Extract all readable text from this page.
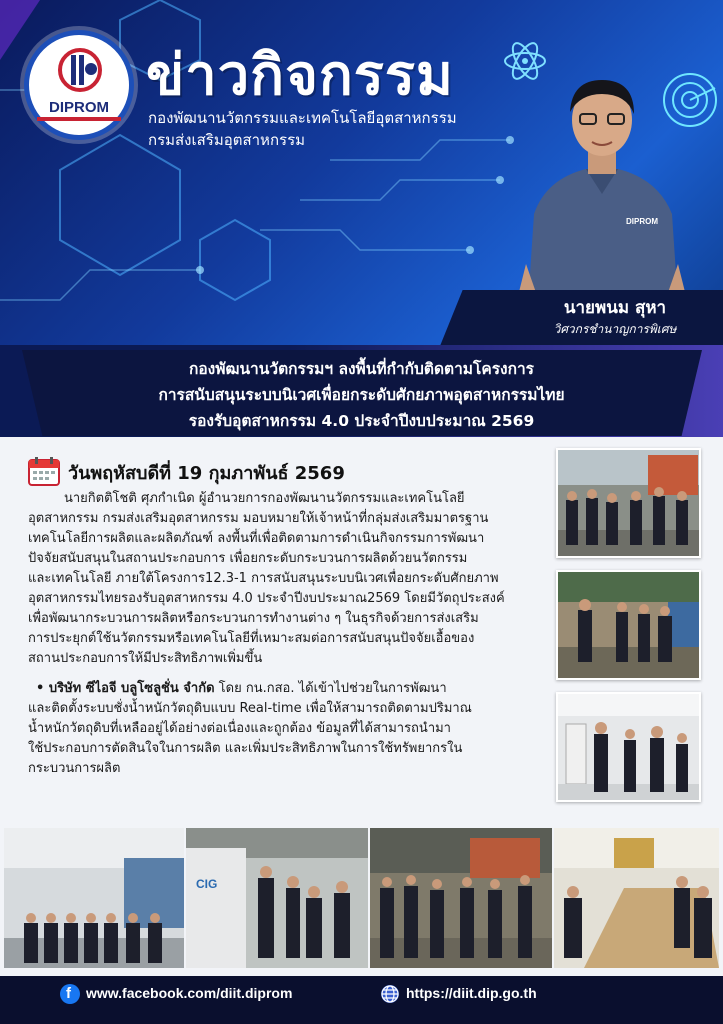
DIPROM ข่าวกิจกรรม
กองพัฒนานวัตกรรมและเทคโนโลยีอุตสาหกรรม
กรมส่งเสริมอุตสาหกรรม
DIPROM
นายพนม สุหา
วิศวกรชำนาญการพิเศษ
กองพัฒนานวัตกรรมฯ ลงพื้นที่กำกับติดตามโครงการ
การสนับสนุนระบบนิเวศเพื่อยกระดับศักยภาพอุตสาหกรรมไทย
รองรับอุตสาหกรรม 4.0 ประจำปีงบประมาณ 2569
วันพฤหัสบดีที่ 19 กุมภาพันธ์ 2569
นายกิตติโชติ ศุภกำเนิด ผู้อำนวยการกองพัฒนานวัตกรรมและเทคโนโลยี
อุตสาหกรรม กรมส่งเสริมอุตสาหกรรม มอบหมายให้เจ้าหน้าที่กลุ่มส่งเสริมมาตรฐาน
เทคโนโลยีการผลิตและผลิตภัณฑ์ ลงพื้นที่เพื่อติดตามการดำเนินกิจกรรมการพัฒนา
ปัจจัยสนับสนุนในสถานประกอบการ เพื่อยกระดับกระบวนการผลิตด้วยนวัตกรรม
และเทคโนโลยี ภายใต้โครงการ12.3-1 การสนับสนุนระบบนิเวศเพื่อยกระดับศักยภาพ
อุตสาหกรรมไทยรองรับอุตสาหกรรม 4.0 ประจำปีงบประมาณ2569 โดยมีวัตถุประสงค์
เพื่อพัฒนากระบวนการผลิตหรือกระบวนการทำงานต่าง ๆ ในธุรกิจด้วยการส่งเสริม
การประยุกต์ใช้นวัตกรรมหรือเทคโนโลยีที่เหมาะสมต่อการสนับสนุนปัจจัยเอื้อของ
สถานประกอบการให้มีประสิทธิภาพเพิ่มขึ้น
• บริษัท ซีไอจี บลูโซลูชั่น จำกัด โดย กน.กสอ. ได้เข้าไปช่วยในการพัฒนา
และติดตั้งระบบชั่งน้ำหนักวัตถุดิบแบบ Real-time เพื่อให้สามารถติดตามปริมาณ
น้ำหนักวัตถุดิบที่เหลืออยู่ได้อย่างต่อเนื่องและถูกต้อง ข้อมูลที่ได้สามารถนำมา
ใช้ประกอบการตัดสินใจในการผลิต และเพิ่มประสิทธิภาพในการใช้ทรัพยากรใน
กระบวนการผลิต
CIG
f www.facebook.com/diit.diprom	https://diit.dip.go.th
